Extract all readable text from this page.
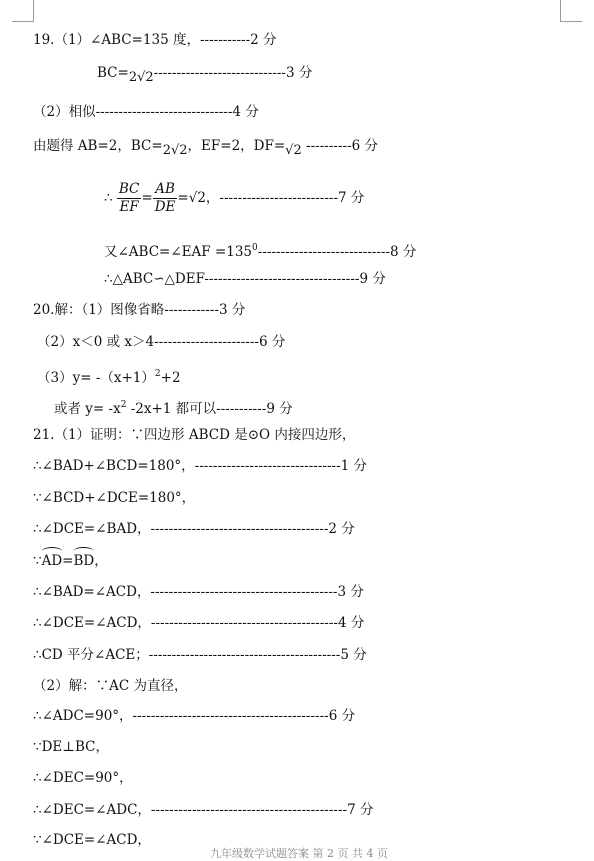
19.（1）∠ABC=135 度，-----------2 分
$BC=_{2√2}-----------------------------3$ 分
（2）相似------------------------------4 分
由题得 AB=2，$BC=_{2√2}$，EF=2，$DF=_{√2}$ ----------6 分
∴ $\frac{BC}{EF} = \frac{AB}{DE} =√2$，--------------------------7 分
又∠ABC=∠EAF $=135^0-----------------------------8$ 分
∴△ABC∽△DEF----------------------------------9 分
20.解：（1）图像省略------------3 分
（2）x＜0 或 x＞4-----------------------6 分
$(3)y= -(x+1)^2+2$
或者 $y= -x^2$ -2x+1 都可以-----------9 分
21.（1）证明：∵四边形 ABCD 是⊙O 内接四边形，
∴∠BAD+∠BCD=180°，--------------------------------1 分
∵∠BCD+∠DCE=180°，
∴∠DCE=∠BAD，---------------------------------------2 分
∵AD=BD，
∴∠BAD=∠ACD，-----------------------------------------3 分
∴∠DCE=∠ACD，-----------------------------------------4 分
∴CD 平分∠ACE；------------------------------------------5 分
（2）解：∵AC 为直径，
∴∠ADC=90°，-------------------------------------------6 分
∵DE⊥BC，
∴∠DEC=90°，
∴∠DEC=∠ADC，-------------------------------------------7 分
∵∠DCE=∠ACD，
九年级数学试题答案 第 2 页 共 4 页
